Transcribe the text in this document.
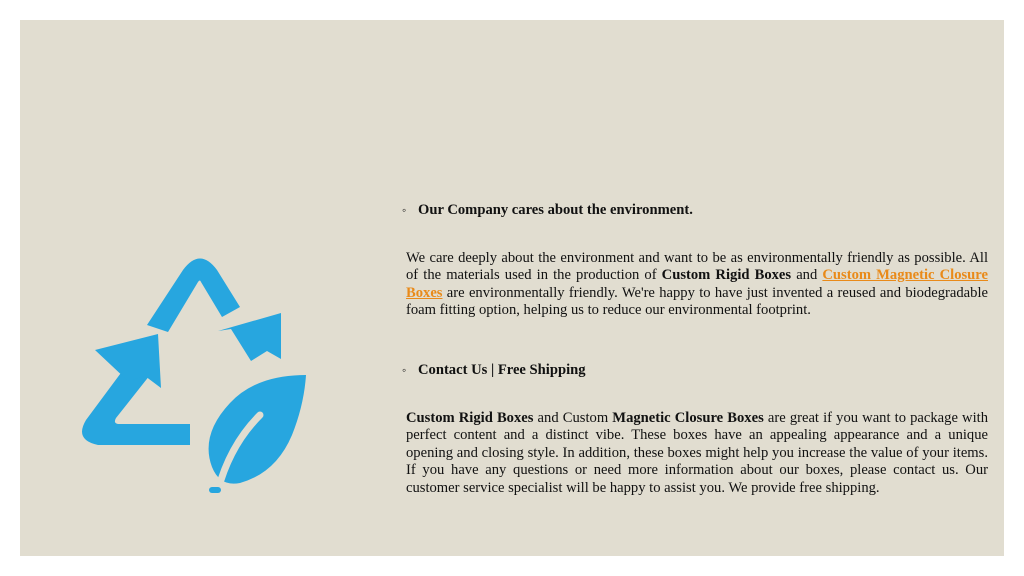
◦ Our Company cares about the environment.

We care deeply about the environment and want to be as environmentally friendly as possible. All of the materials used in the production of Custom Rigid Boxes and Custom Magnetic Closure Boxes are environmentally friendly. We're happy to have just invented a reused and biodegradable foam fitting option, helping us to reduce our environmental footprint.

◦ Contact Us | Free Shipping

Custom Rigid Boxes and Custom Magnetic Closure Boxes are great if you want to package with perfect content and a distinct vibe. These boxes have an appealing appearance and a unique opening and closing style. In addition, these boxes might help you increase the value of your items. If you have any questions or need more information about our boxes, please contact us. Our customer service specialist will be happy to assist you. We provide free shipping.
